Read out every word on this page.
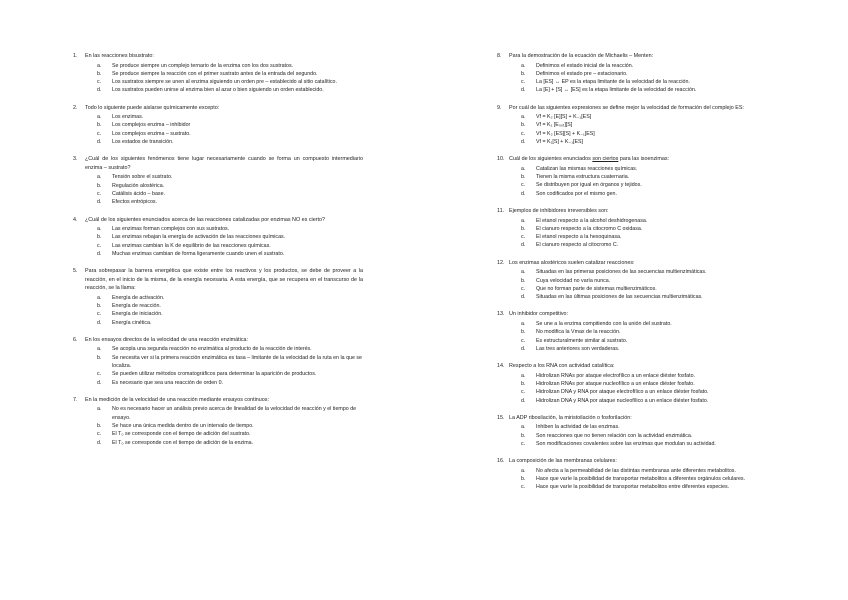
1.	En las reacciones bisustrato:
a.	Se produce siempre un complejo ternario de la enzima con los dos sustratos.
b.	Se produce siempre la reacción con el primer sustrato antes de la entrada del segundo.
c.	Los sustratos siempre se unen al enzima siguiendo un orden pre – establecido al sitio catalítico.
d.	Los sustratos pueden unirse al enzima bien al azar o bien siguiendo un orden establecido.
2.	Todo lo siguiente puede aislarse químicamente excepto:
a.	Los enzimas.
b.	Los complejos enzima – inhibidor
c.	Los complejos enzima – sustrato.
d.	Los estados de transición.
3.	¿Cuál de los siguientes fenómenos tiene lugar necesariamente cuando se forma un compuesto intermediario enzima – sustrato?
a.	Tensión sobre el sustrato.
b.	Regulación alostérica.
c.	Catálisis ácido – base.
d.	Efectos entrópicos.
4.	¿Cuál de los siguientes enunciados acerca de las reacciones catalizadas por enzimas NO es cierto?
a.	Las enzimas forman complejos con sus sustratos.
b.	Las enzimas rebajan la energía de activación de las reacciones químicas.
c.	Las enzimas cambian la K de equilibrio de las reacciones químicas.
d.	Muchas enzimas cambian de forma ligeramente cuando unen el sustrato.
5.	Para sobrepasar la barrera energética que existe entre los reactivos y los productos, se debe de proveer a la reacción, en el inicio de la misma, de la energía necesaria. A esta energía, que se recupera en el transcurso de la reacción, se la llama:
a.	Energía de activación.
b.	Energía de reacción.
c.	Energía de iniciación.
d.	Energía cinética.
6.	En los ensayos directos de la velocidad de una reacción enzimática:
a.	Se acopla una segunda reacción no enzimática al producto de la reacción de interés.
b.	Se necesita ver si la primera reacción enzimática es tasa – limitante de la velocidad de la ruta en la que se localiza.
c.	Se pueden utilizar métodos cromatográficos para determinar la aparición de productos.
d.	Es necesario que sea una reacción de orden 0.
7.	En la medición de la velocidad de una reacción mediante ensayos continuos:
a.	No es necesario hacer un análisis previo acerca de linealidad de la velocidad de reacción y el tiempo de ensayo.
b.	Se hace una única medida dentro de un intervalo de tiempo.
c.	El T₀ se corresponde con el tiempo de adición del sustrato.
d.	El T₀ se corresponde con el tiempo de adición de la enzima.
8.	Para la demostración de la ecuación de Michaelis – Menten:
a.	Definimos el estado inicial de la reacción.
b.	Definimos el estado pre – estacionario.
c.	La [ES] ↔ EP es la etapa limitante de la velocidad de la reacción.
d.	La [E] + [S] ↔ [ES] es la etapa limitante de la velocidad de reacción.
9.	Por cuál de las siguientes expresiones se define mejor la velocidad de formación del complejo ES:
a.	Vf = K₂ [E][S] + K₋₁[ES]
b.	Vf = K₁ [E₀ₓₜ][S]
c.	Vf = K₂ [ES][S] + K₋₁[ES]
d.	Vf = K₁[S] + K₋₁[ES]
10. Cuál de los siguientes enunciados son ciertos para las isoenzimas:
a.	Catalizan las mismas reacciones químicas.
b.	Tienen la misma estructura cuaternaria.
c.	Se distribuyen por igual en órganos y tejidos.
d.	Son codificados por el mismo gen.
11. Ejemplos de inhibidores irreversibles son:
a.	El etanol respecto a la alcohol deshidrogenasa.
b.	El cianuro respecto a la citocromo C oxidasa.
c.	El etanol respecto a la hexoquinasa.
d.	El cianuro respecto al citocromo C.
12. Los enzimas alostéricos suelen catalizar reacciones:
a.	Situadas en las primeras posiciones de las secuencias multienzimáticas.
b.	Cuya velocidad no varía nunca.
c.	Que no forman parte de sistemas multienzimáticos.
d.	Situadas en las últimas posiciones de las secuencias multienzimáticas.
13. Un inhibidor competitivo:
a.	Se une a la enzima compitiendo con la unión del sustrato.
b.	No modifica la Vmax de la reacción.
c.	Es estructuralmente similar al sustrato.
d.	Las tres anteriores son verdaderas.
14. Respecto a los RNA con actividad catalítica:
a.	Hidrolizan RNAs por ataque electrofílico a un enlace diéster fosfato.
b.	Hidrolizan RNAs por ataque nucleofílico a un enlace diéster fosfato.
c.	Hidrolizan DNA y RNA por ataque electrofílico a un enlace diéster fosfato.
d.	Hidrolizan DNA y RNA por ataque nucleofílico a un enlace diéster fosfato.
15. La ADP ribosilación, la miristoilación o fosforilación:
a.	Inhiben la actividad de las enzimas.
b.	Son reacciones que no tienen relación con la actividad enzimática.
c.	Son modificaciones covalentes sobre las enzimas que modulan su actividad.
16. La composición de las membranas celulares:
a.	No afecta a la permeabilidad de las distintas membranas ante diferentes metabolitos.
b.	Hace que varíe la posibilidad de transportar metabolitos a diferentes orgánulos celulares.
c.	Hace que varíe la posibilidad de transportar metabolitos entre diferentes especies.
